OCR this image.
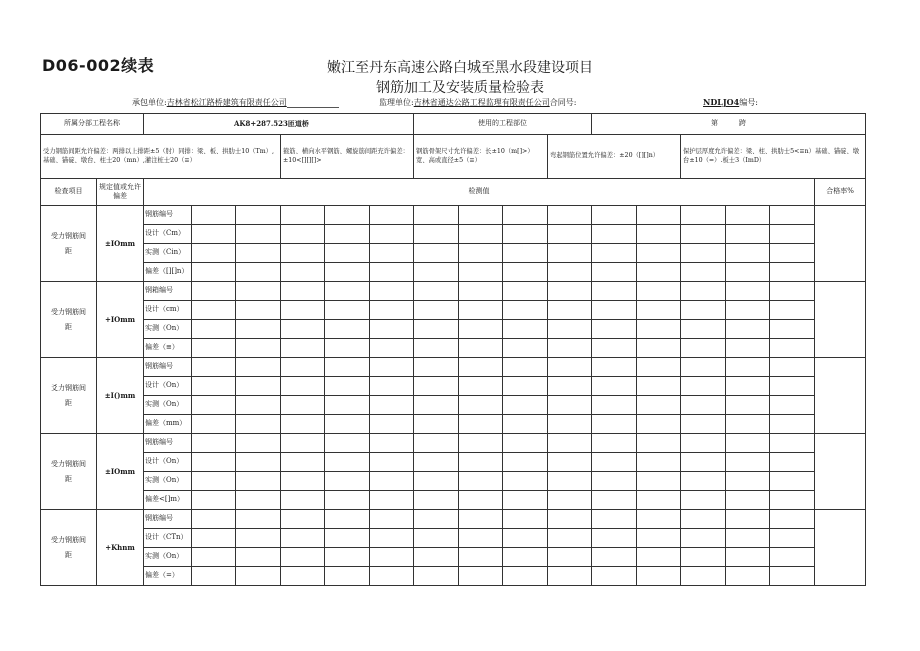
D06-002续表	嫩江至丹东高速公路白城至黑水段建设项目
钢筋加工及安装质量检验表
承包单位:吉林省松江路桥建筑有限责任公司	监理单位:吉林省通达公路工程监理有限责任公司合同号:	NDLJO4编号:
所属分部工程名称		AK8+287.523匝道桥						使用的工程部位				第　　　跨					
受力钢筋间距允许偏差：两排以上排距±5（肘）同排：梁、板、拱肋士10（Tm）,基础、锚碇、墩台、柱士20（mn）,灌注桩士20（≡）					箍筋、横向水平钢筋、螺旋筋间距充许偏差：±10<[][][]>			钢筋骨架尺寸允许偏差：长±10（m[]>）宽、高或直径±5（≡）			弯起钢筋位置允许偏差：±20（[][]n）			保护层厚度允许偏差：梁、柱、拱肋士5<≡n）基础、锚碇、墩台±10（=）.板士3（ImD）			
检查项目	规定值或允许偏差	检测值															合格率%
受力钢筋间距	±IOmm	钢筋编号															
		设计（Cm）															
		实测（Cin）															
		偏差（[][]n）															
受力钢筋间距	+IOmm	钢箱编号															
		设计（cm）															
		实测（On）															
		偏差（≡）															
爻力钢筋间距	±I()mm	钢筋编号															
		设计（On）															
		实测（On）															
		偏差（mm）															
受力钢筋间距	±IOmm	钢筋编号															
		设计（On）															
		实测（On）															
		偏差<[]m）															
受力钢筋间距	+Khnm	钢筋编号															
		设计（CTn）															
		实测（On）															
		偏差（=）															
